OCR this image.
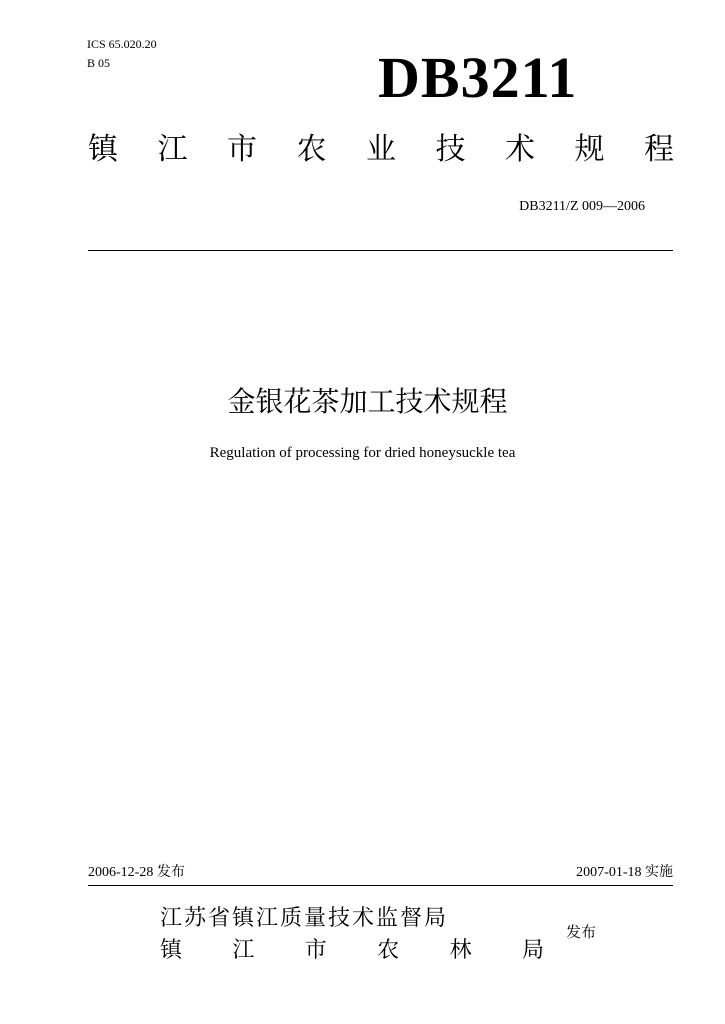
ICS 65.020.20
B 05	DB3211
镇 江 市 农 业 技 术 规 程
DB3211/Z 009—2006
金银花茶加工技术规程
Regulation of processing for dried honeysuckle tea
2006-12-28 发布	2007-01-18 实施
江苏省镇江质量技术监督局
镇 江 市 农 林 局
发布
